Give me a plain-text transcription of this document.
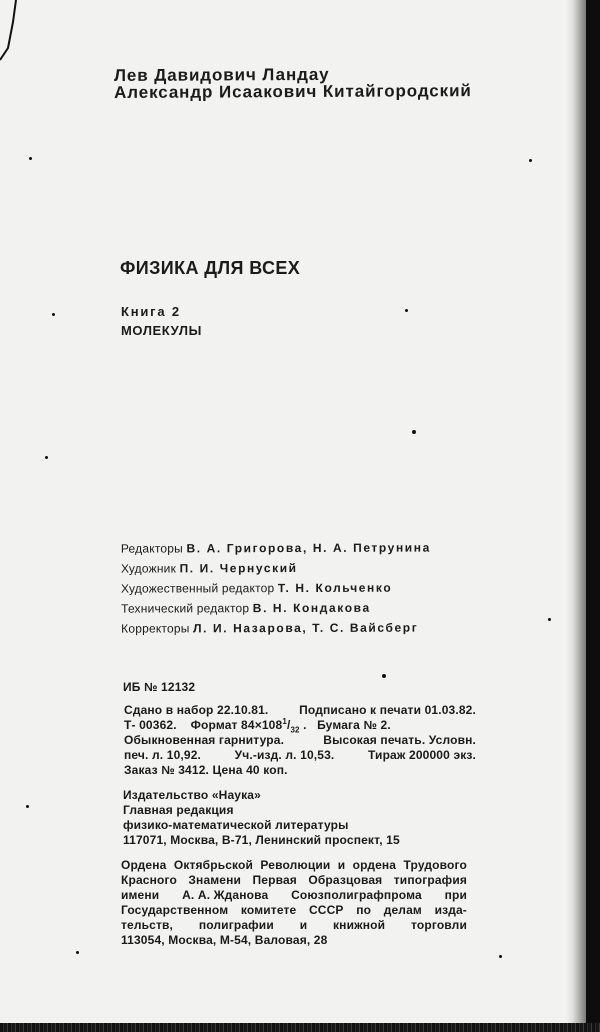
Лев Давидович Ландау
Александр Исаакович Китайгородский
ФИЗИКА ДЛЯ ВСЕХ
Книга 2
МОЛЕКУЛЫ
Редакторы В. А. Григорова, Н. А. Петрунина
Художник П. И. Чернуский
Художественный редактор Т. Н. Кольченко
Технический редактор В. Н. Кондакова
Корректоры Л. И. Назарова, Т. С. Вайсберг
ИБ № 12132
Сдано в набор 22.10.81.	Подписано к печати 01.03.82.
Т- 00362. Формат $84\times 108^1/_{32}$ .   Бумага № 2.
Обыкновенная гарнитура.	Высокая печать. Условн.
печ. л. 10,92.	Уч.-изд. л. 10,53.	Тираж 200000 экз.
Заказ № 3412. Цена 40 коп.
Издательство «Наука»
Главная редакция
физико-математической литературы
117071, Москва, В-71, Ленинский проспект, 15
Ордена Октябрьской Революции и ордена Трудового
Красного Знамени Первая Образцовая типография
имени А. А. Жданова Союзполиграфпрома при
Государственном комитете СССР по делам изда-
тельств, полиграфии и книжной торговли
113054, Москва, М-54, Валовая, 28
